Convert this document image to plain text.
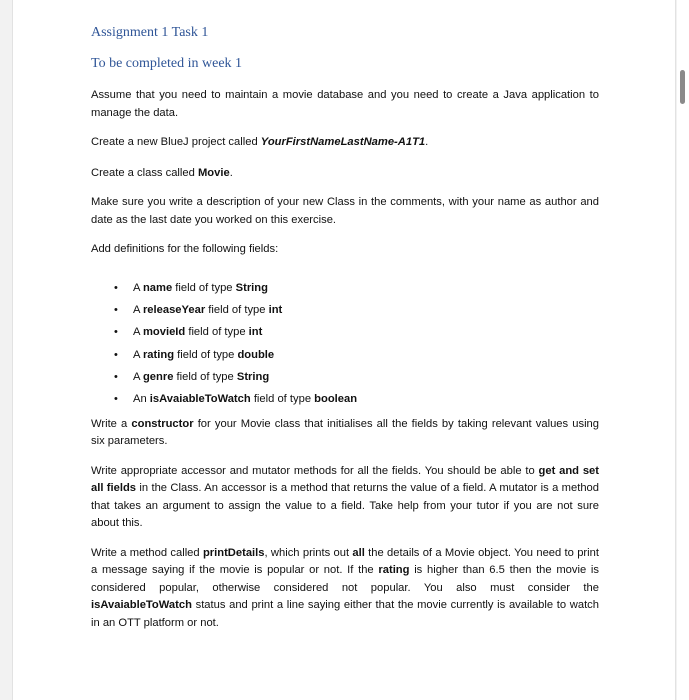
Assignment 1 Task 1
To be completed in week 1

Assume that you need to maintain a movie database and you need to create a Java application to manage the data.

Create a new BlueJ project called YourFirstNameLastName-A1T1.

Create a class called Movie.

Make sure you write a description of your new Class in the comments, with your name as author and date as the last date you worked on this exercise.

Add definitions for the following fields:

• A name field of type String
• A releaseYear field of type int
• A movieId field of type int
• A rating field of type double
• A genre field of type String
• An isAvaiableToWatch field of type boolean

Write a constructor for your Movie class that initialises all the fields by taking relevant values using six parameters.

Write appropriate accessor and mutator methods for all the fields. You should be able to get and set all fields in the Class. An accessor is a method that returns the value of a field. A mutator is a method that takes an argument to assign the value to a field. Take help from your tutor if you are not sure about this.

Write a method called printDetails, which prints out all the details of a Movie object. You need to print a message saying if the movie is popular or not. If the rating is higher than 6.5 then the movie is considered popular, otherwise considered not popular. You also must consider the isAvaiableToWatch status and print a line saying either that the movie currently is available to watch in an OTT platform or not.
